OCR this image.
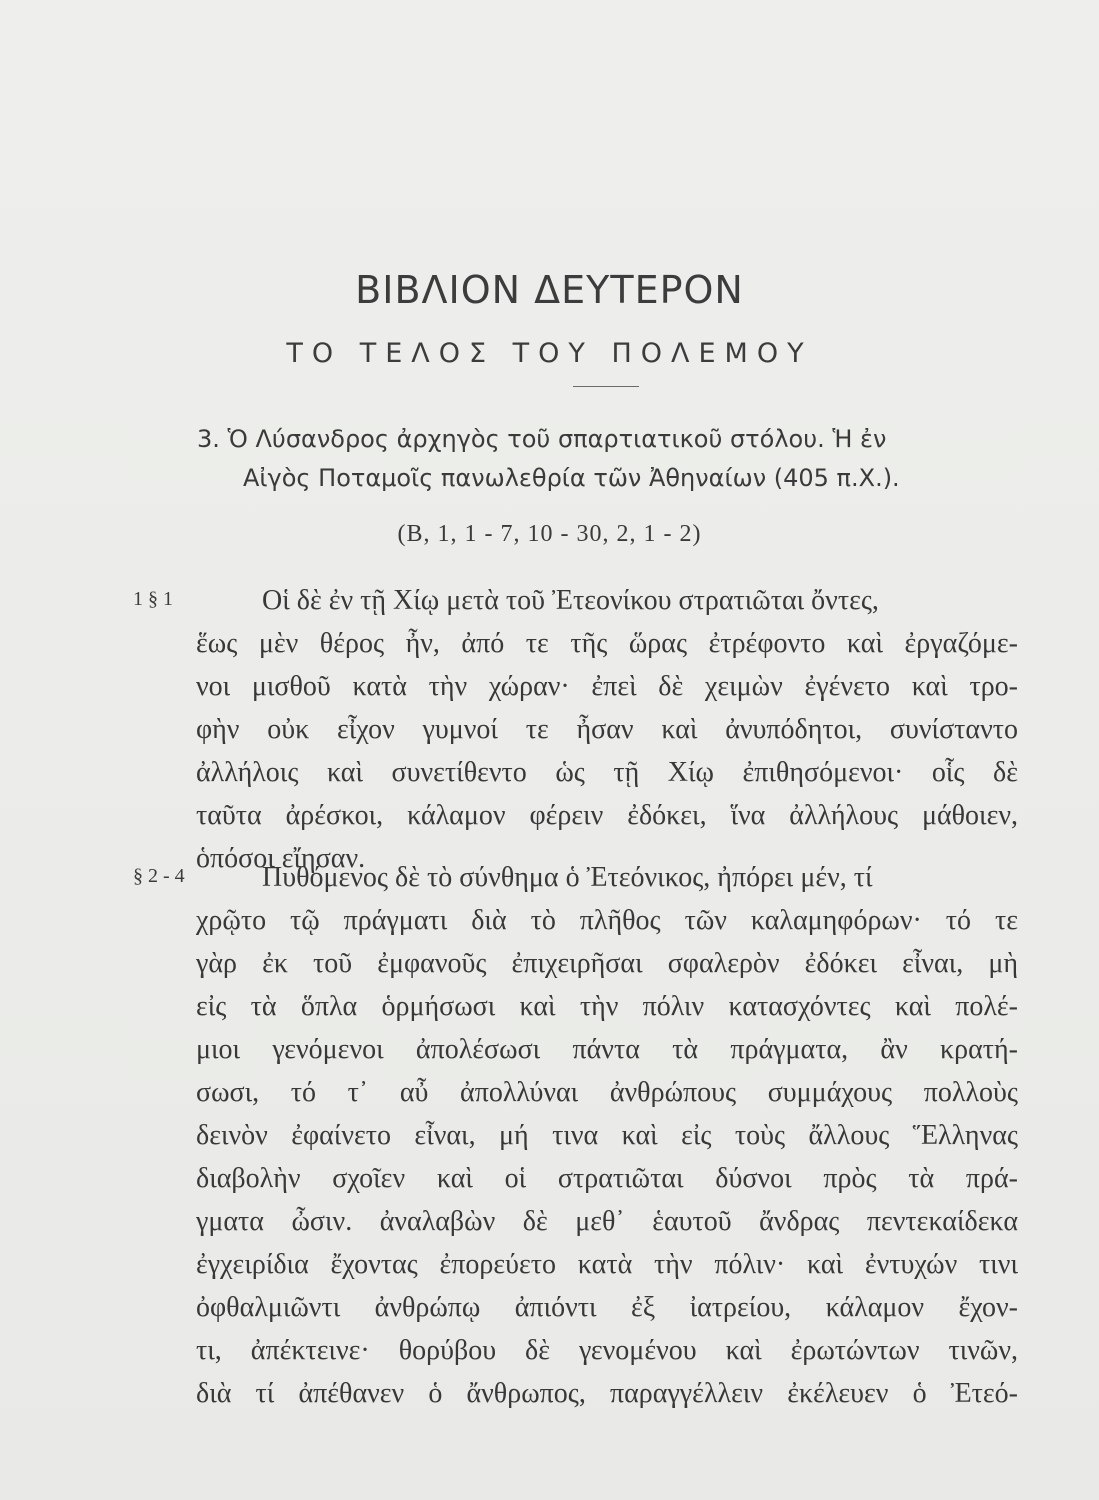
ΒΙΒΛΙΟΝ ΔΕΥΤΕΡΟΝ
ΤΟ ΤΕΛΟΣ ΤΟΥ ΠΟΛΕΜΟΥ
3. Ὁ Λύσανδρος ἀρχηγὸς τοῦ σπαρτιατικοῦ στόλου. Ἡ ἐν
Αἰγὸς Ποταμοῖς πανωλεθρία τῶν Ἀθηναίων (405 π.Χ.).
(Β, 1, 1 - 7, 10 - 30, 2, 1 - 2)
1 § 1	Οἱ δὲ ἐν τῇ Χίῳ μετὰ τοῦ Ἐτεονίκου στρατιῶται ὄντες,
ἕως μὲν θέρος ἦν, ἀπό τε τῆς ὥρας ἐτρέφοντο καὶ ἐργαζόμε-
νοι μισθοῦ κατὰ τὴν χώραν· ἐπεὶ δὲ χειμὼν ἐγένετο καὶ τρο-
φὴν οὐκ εἶχον γυμνοί τε ἦσαν καὶ ἀνυπόδητοι, συνίσταντο
ἀλλήλοις καὶ συνετίθεντο ὡς τῇ Χίῳ ἐπιθησόμενοι· οἷς δὲ
ταῦτα ἀρέσκοι, κάλαμον φέρειν ἐδόκει, ἵνα ἀλλήλους μάθοιεν,
ὁπόσοι εἴησαν.
§ 2 - 4	Πυθόμενος δὲ τὸ σύνθημα ὁ Ἐτεόνικος, ἠπόρει μέν, τί
χρῷτο τῷ πράγματι διὰ τὸ πλῆθος τῶν καλαμηφόρων· τό τε
γὰρ ἐκ τοῦ ἐμφανοῦς ἐπιχειρῆσαι σφαλερὸν ἐδόκει εἶναι, μὴ
εἰς τὰ ὅπλα ὁρμήσωσι καὶ τὴν πόλιν κατασχόντες καὶ πολέ-
μιοι γενόμενοι ἀπολέσωσι πάντα τὰ πράγματα, ἂν κρατή-
σωσι, τό τ᾽ αὖ ἀπολλύναι ἀνθρώπους συμμάχους πολλοὺς
δεινὸν ἐφαίνετο εἶναι, μή τινα καὶ εἰς τοὺς ἄλλους Ἕλληνας
διαβολὴν σχοῖεν καὶ οἱ στρατιῶται δύσνοι πρὸς τὰ πρά-
γματα ὦσιν. ἀναλαβὼν δὲ μεθ᾽ ἑαυτοῦ ἄνδρας πεντεκαίδεκα
ἐγχειρίδια ἔχοντας ἐπορεύετο κατὰ τὴν πόλιν· καὶ ἐντυχών τινι
ὀφθαλμιῶντι ἀνθρώπῳ ἀπιόντι ἐξ ἰατρείου, κάλαμον ἔχον-
τι, ἀπέκτεινε· θορύβου δὲ γενομένου καὶ ἐρωτώντων τινῶν,
διὰ τί ἀπέθανεν ὁ ἄνθρωπος, παραγγέλλειν ἐκέλευεν ὁ Ἐτεό-
